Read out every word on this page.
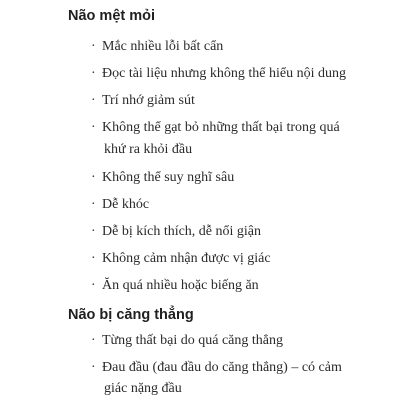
Não mệt mỏi
· Mắc nhiều lỗi bất cẩn
· Đọc tài liệu nhưng không thể hiểu nội dung
· Trí nhớ giảm sút
· Không thể gạt bỏ những thất bại trong quá
khứ ra khỏi đầu
· Không thể suy nghĩ sâu
· Dễ khóc
· Dễ bị kích thích, dễ nổi giận
· Không cảm nhận được vị giác
· Ăn quá nhiều hoặc biếng ăn
Não bị căng thẳng
· Từng thất bại do quá căng thẳng
· Đau đầu (đau đầu do căng thẳng) – có cảm
giác nặng đầu
